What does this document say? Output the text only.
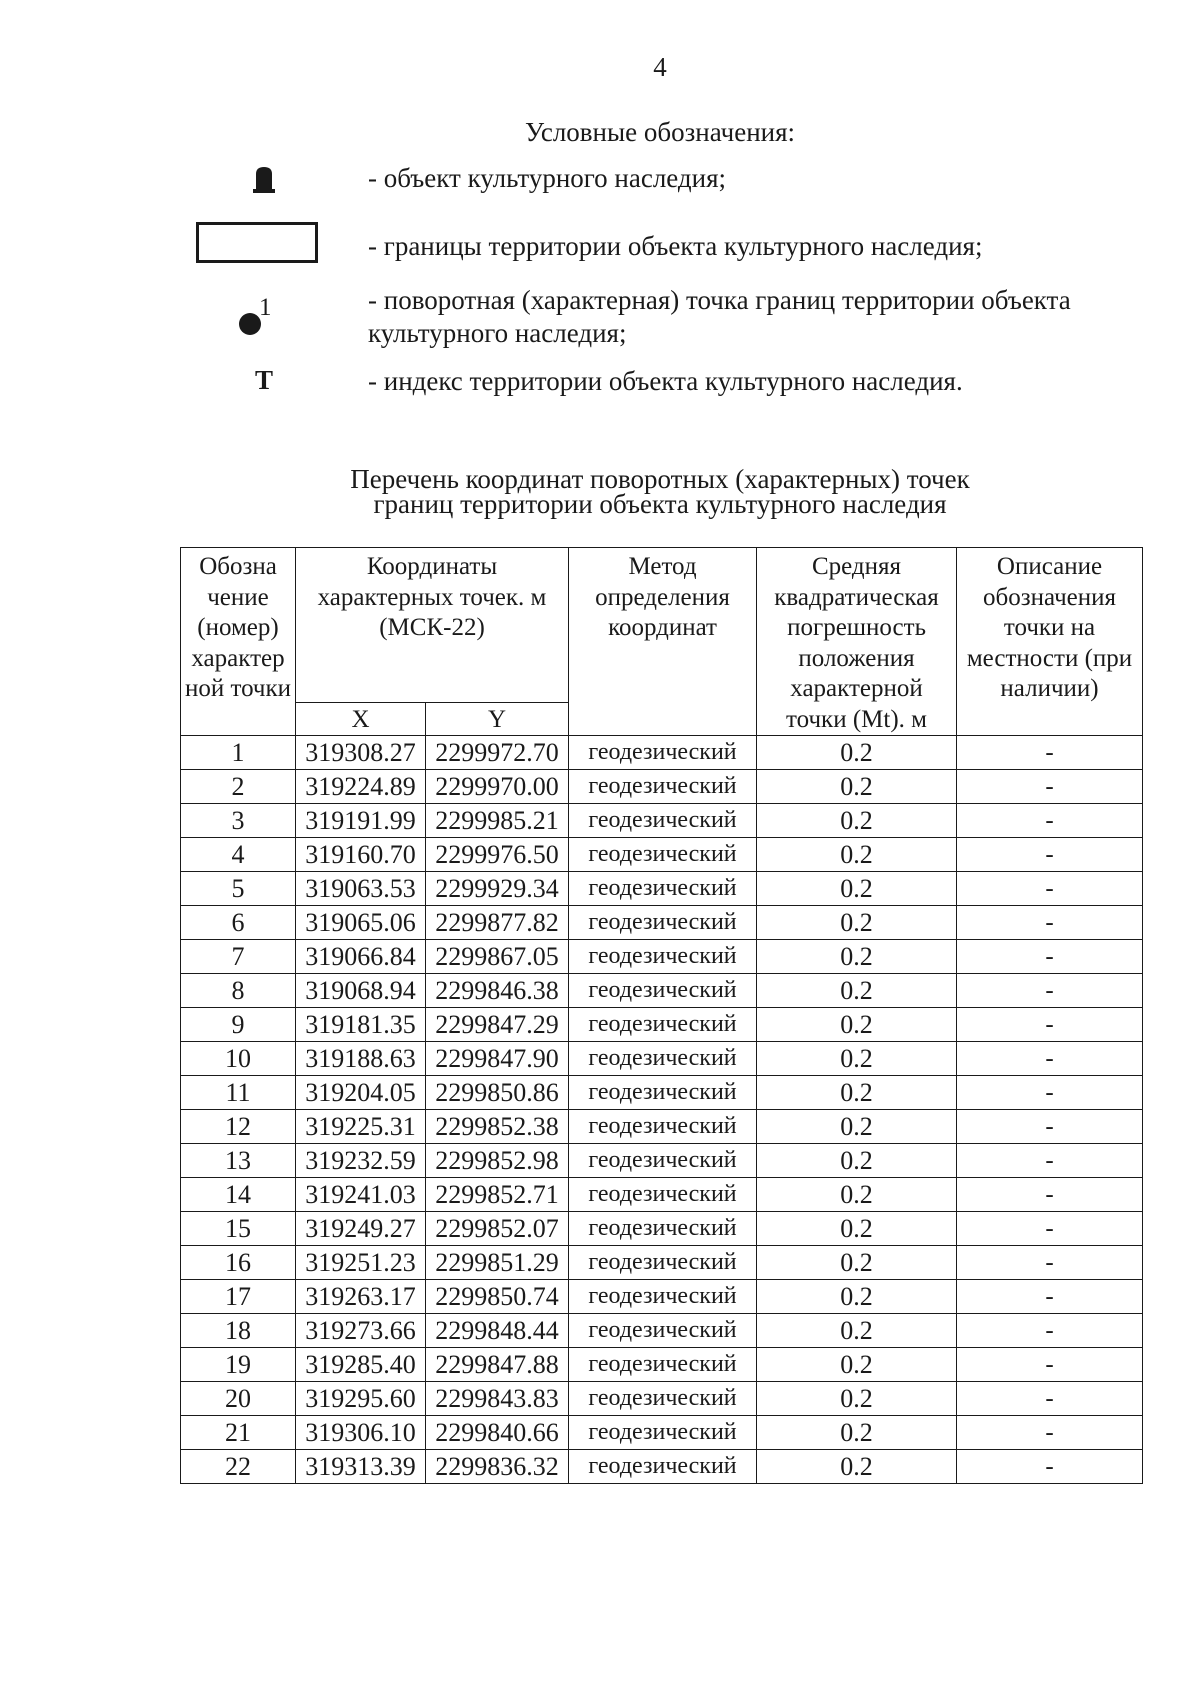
4
Условные обозначения:
- объект культурного наследия;
- границы территории объекта культурного наследия;
1	- поворотная (характерная) точка границ территории объекта культурного наследия;
Т	- индекс территории объекта культурного наследия.
Перечень координат поворотных (характерных) точек
границ территории объекта культурного наследия
Обозна чение (номер) характер ной точки	Координаты характерных точек. м (МСК-22)		Метод определения координат	Средняя квадратическая погрешность положения характерной точки (Mt). м	Описание обозначения точки на местности (при наличии)
	X	Y			
1	319308.27	2299972.70	геодезический	0.2	-
2	319224.89	2299970.00	геодезический	0.2	-
3	319191.99	2299985.21	геодезический	0.2	-
4	319160.70	2299976.50	геодезический	0.2	-
5	319063.53	2299929.34	геодезический	0.2	-
6	319065.06	2299877.82	геодезический	0.2	-
7	319066.84	2299867.05	геодезический	0.2	-
8	319068.94	2299846.38	геодезический	0.2	-
9	319181.35	2299847.29	геодезический	0.2	-
10	319188.63	2299847.90	геодезический	0.2	-
11	319204.05	2299850.86	геодезический	0.2	-
12	319225.31	2299852.38	геодезический	0.2	-
13	319232.59	2299852.98	геодезический	0.2	-
14	319241.03	2299852.71	геодезический	0.2	-
15	319249.27	2299852.07	геодезический	0.2	-
16	319251.23	2299851.29	геодезический	0.2	-
17	319263.17	2299850.74	геодезический	0.2	-
18	319273.66	2299848.44	геодезический	0.2	-
19	319285.40	2299847.88	геодезический	0.2	-
20	319295.60	2299843.83	геодезический	0.2	-
21	319306.10	2299840.66	геодезический	0.2	-
22	319313.39	2299836.32	геодезический	0.2	-
